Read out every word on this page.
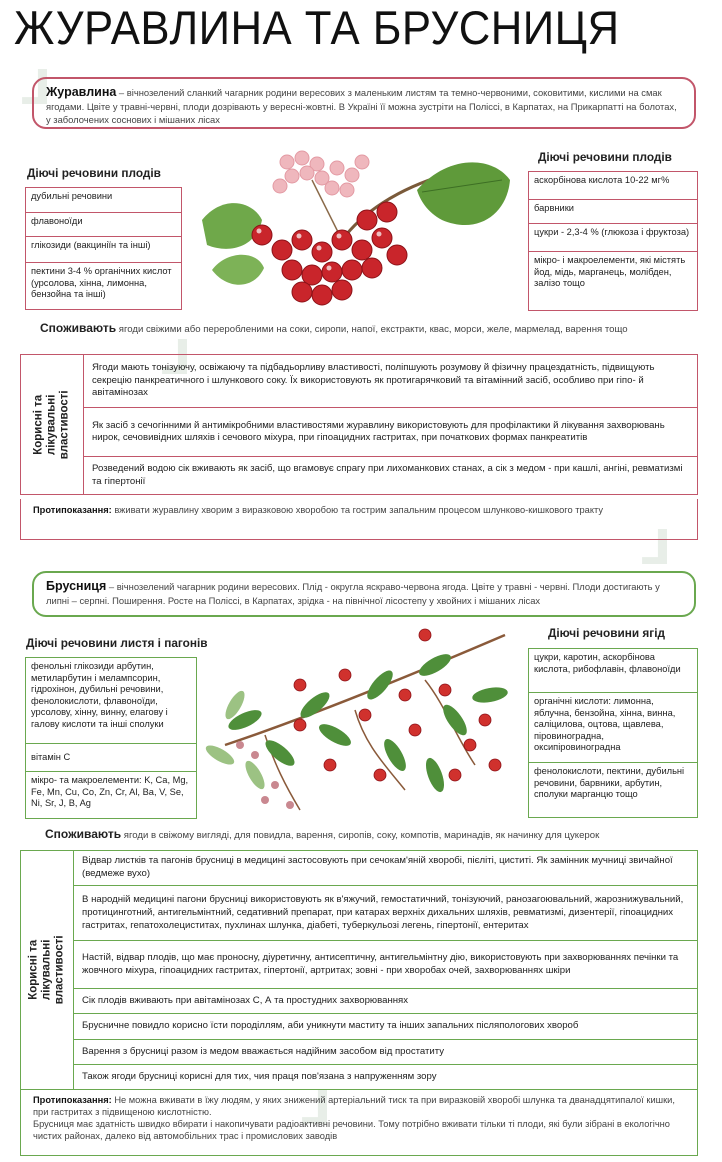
⅃
⅃
⅃
⅃
ЖУРАВЛИНА ТА БРУСНИЦЯ
Журавлина – вічнозелений сланкий чагарник родини вересових з маленьким листям та темно-червоними, соковитими, кислими на смак ягодами. Цвіте у травні-червні, плоди дозрівають у вересні-жовтні. В Україні її можна зустріти на Поліссі, в Карпатах, на Прикарпатті на болотах, у заболочених соснових і мішаних лісах
Діючі речовини плодів
дубильні речовини
флавоноїди
глікозиди (вакциніїн та інші)
пектини 3-4 % органічних кислот (урсолова, хінна, лимонна, бензойна та інші)
Діючі речовини плодів
аскорбінова кислота 10-22 мг%
барвники
цукри - 2,3-4 % (глюкоза і фруктоза)
мікро- і макроелементи, які містять йод, мідь, марганець, молібден, залізо тощо
Споживають ягоди свіжими або переробленими на соки, сиропи, напої, екстракти, квас, морси, желе, мармелад, варення тощо
Корисні та лікувальні властивості
Ягоди мають тонізуючу, освіжаючу та підбадьорливу властивості, поліпшують розумову й фізичну працездатність, підвищують секрецію панкреатичного і шлункового соку. Їх використовують як протигарячковий та вітамінний засіб, особливо при гіпо- й авітамінозах
Як засіб з сечогінними й антимікробними властивостями журавлину використовують для профілактики й лікування захворювань нирок, сечовивідних шляхів і сечового міхура, при гіпоацидних гастритах, при початкових формах панкреатитів
Розведений водою сік вживають як засіб, що вгамовує спрагу при лихоманкових станах, а сік з медом - при кашлі, ангіні, ревматизмі та гіпертонії
Протипоказання: вживати журавлину хворим з виразковою хворобою та гострим запальним процесом шлунково-кишкового тракту
Брусниця – вічнозелений чагарник родини вересових. Плід - округла яскраво-червона ягода. Цвіте у травні - червні. Плоди достигають у липні – серпні. Поширення. Росте на Поліссі, в Карпатах, зрідка - на північної лісостепу у хвойних і мішаних лісах
Діючі речовини листя і пагонів
фенольні глікозиди арбутин, метиларбутин і мелампсорин, гідрохінон, дубильні речовини, фенолокислоти, флавоноїди, урсолову, хінну, винну, елагову і галову кислоти та інші сполуки
вітамін С
мікро- та макроелементи: K, Ca, Mg, Fe, Mn, Cu, Co, Zn, Cr, Al, Ba, V, Se, Ni, Sr, J, B, Ag
Діючі речовини ягід
цукри, каротин, аскорбінова кислота, рибофлавін, флавоноїди
органічні кислоти: лимонна, яблучна, бензойна, хінна, винна, саліцилова, оцтова, щавлева, піровиноградна, оксипіровиноградна
фенолокислоти, пектини, дубильні речовини, барвники, арбутин, сполуки марганцю тощо
Споживають ягоди в свіжому вигляді, для повидла, варення, сиропів, соку, компотів, маринадів, як начинку для цукерок
Корисні та лікувальні властивості
Відвар листків та пагонів брусниці в медицині застосовують при сечокам'яній хворобі, пієліті, циститі. Як замінник мучниці звичайної (ведмеже вухо)
В народній медицині пагони брусниці використовують як в'яжучий, гемостатичний, тонізуючий, ранозагоювальний, жарознижувальний, протицинготний, антигельмінтний, седативний препарат, при катарах верхніх дихальних шляхів, ревматизмі, дизентерії, гіпоацидних гастритах, гепатохолециститах, пухлинах шлунка, діабеті, туберкульозі легень, гіпертонії, ентеритах
Настій, відвар плодів, що має проносну, діуретичну, антисептичну, антигельмінтну дію, використовують при захворюваннях печінки та жовчного міхура, гіпоацидних гастритах, гіпертонії, артритах; зовні - при хворобах очей, захворюваннях шкіри
Сік плодів вживають при авітамінозах С, А та простудних захворюваннях
Брусничне повидло корисно їсти породіллям, аби уникнути маститу та інших запальних післяпологових хвороб
Варення з брусниці разом із медом вважається надійним засобом від простатиту
Також ягоди брусниці корисні для тих, чия праця пов'язана з напруженням зору
Протипоказання: Не можна вживати в їжу людям, у яких знижений артеріальний тиск та при виразковій хворобі шлунка та дванадцятипалої кишки, при гастритах з підвищеною кислотністю.
Брусниця має здатність швидко вбирати і накопичувати радіоактивні речовини. Тому потрібно вживати тільки ті плоди, які були зібрані в екологічно чистих районах, далеко від автомобільних трас і промислових заводів
